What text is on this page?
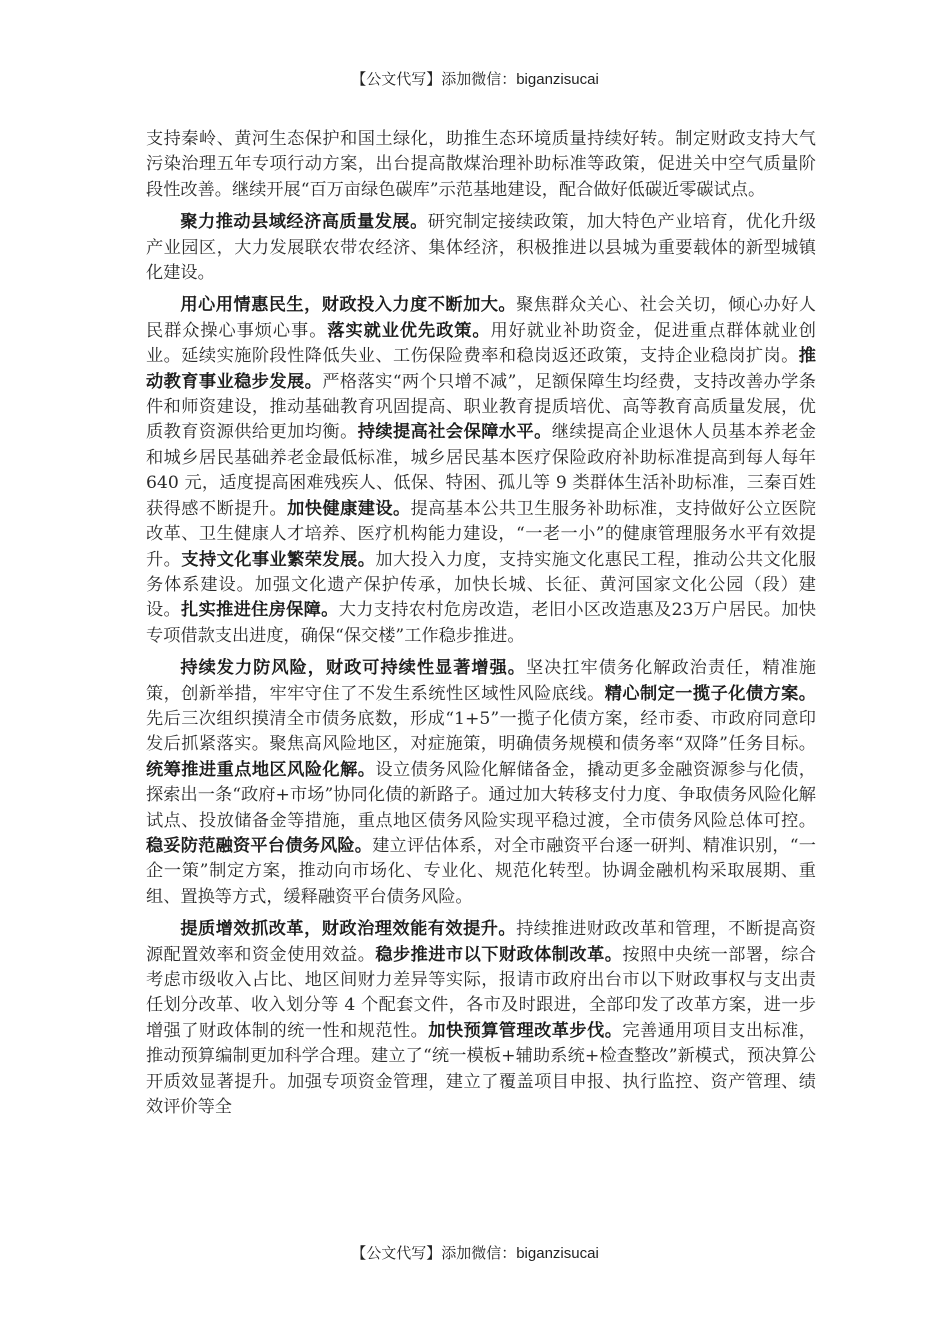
【公文代写】添加微信：biganzisucai

支持秦岭、黄河生态保护和国土绿化，助推生态环境质量持续好转。制定财政支持大气污染治理五年专项行动方案，出台提高散煤治理补助标准等政策，促进关中空气质量阶段性改善。继续开展“百万亩绿色碳库”示范基地建设，配合做好低碳近零碳试点。

聚力推动县域经济高质量发展。研究制定接续政策，加大特色产业培育，优化升级产业园区，大力发展联农带农经济、集体经济，积极推进以县城为重要载体的新型城镇化建设。

用心用情惠民生，财政投入力度不断加大。聚焦群众关心、社会关切，倾心办好人民群众操心事烦心事。落实就业优先政策。用好就业补助资金，促进重点群体就业创业。延续实施阶段性降低失业、工伤保险费率和稳岗返还政策，支持企业稳岗扩岗。推动教育事业稳步发展。严格落实“两个只增不减”，足额保障生均经费，支持改善办学条件和师资建设，推动基础教育巩固提高、职业教育提质培优、高等教育高质量发展，优质教育资源供给更加均衡。持续提高社会保障水平。继续提高企业退休人员基本养老金和城乡居民基础养老金最低标准，城乡居民基本医疗保险政府补助标准提高到每人每年 640 元，适度提高困难残疾人、低保、特困、孤儿等 9 类群体生活补助标准，三秦百姓获得感不断提升。加快健康建设。提高基本公共卫生服务补助标准，支持做好公立医院改革、卫生健康人才培养、医疗机构能力建设，“一老一小”的健康管理服务水平有效提升。支持文化事业繁荣发展。加大投入力度，支持实施文化惠民工程，推动公共文化服务体系建设。加强文化遗产保护传承，加快长城、长征、黄河国家文化公园（段）建设。扎实推进住房保障。大力支持农村危房改造，老旧小区改造惠及23万户居民。加快专项借款支出进度，确保“保交楼”工作稳步推进。

持续发力防风险，财政可持续性显著增强。坚决扛牢债务化解政治责任，精准施策，创新举措，牢牢守住了不发生系统性区域性风险底线。精心制定一揽子化债方案。先后三次组织摸清全市债务底数，形成“1+5”一揽子化债方案，经市委、市政府同意印发后抓紧落实。聚焦高风险地区，对症施策，明确债务规模和债务率“双降”任务目标。统筹推进重点地区风险化解。设立债务风险化解储备金，撬动更多金融资源参与化债，探索出一条“政府+市场”协同化债的新路子。通过加大转移支付力度、争取债务风险化解试点、投放储备金等措施，重点地区债务风险实现平稳过渡，全市债务风险总体可控。稳妥防范融资平台债务风险。建立评估体系，对全市融资平台逐一研判、精准识别，“一企一策”制定方案，推动向市场化、专业化、规范化转型。协调金融机构采取展期、重组、置换等方式，缓释融资平台债务风险。

提质增效抓改革，财政治理效能有效提升。持续推进财政改革和管理，不断提高资源配置效率和资金使用效益。稳步推进市以下财政体制改革。按照中央统一部署，综合考虑市级收入占比、地区间财力差异等实际，报请市政府出台市以下财政事权与支出责任划分改革、收入划分等 4 个配套文件，各市及时跟进，全部印发了改革方案，进一步增强了财政体制的统一性和规范性。加快预算管理改革步伐。完善通用项目支出标准，推动预算编制更加科学合理。建立了“统一模板+辅助系统+检查整改”新模式，预决算公开质效显著提升。加强专项资金管理，建立了覆盖项目申报、执行监控、资产管理、绩效评价等全

【公文代写】添加微信：biganzisucai
